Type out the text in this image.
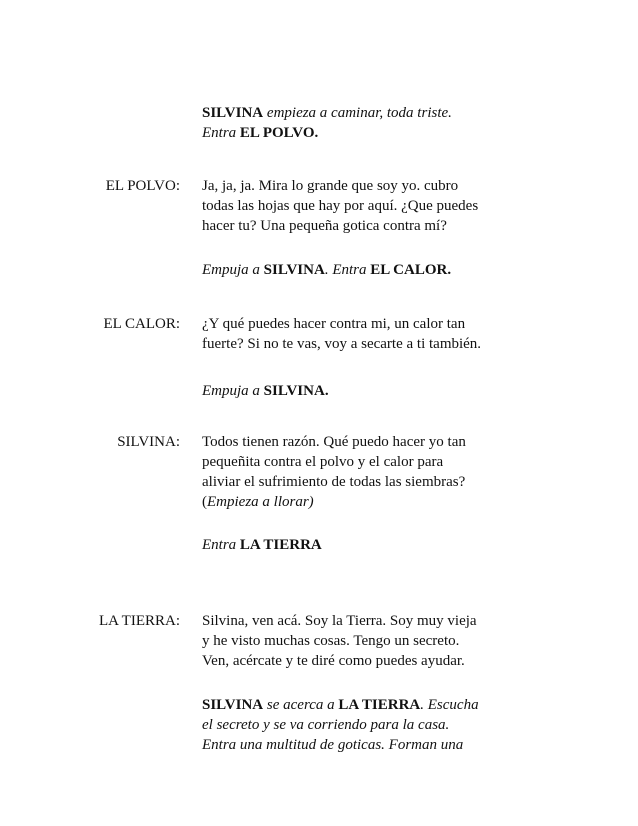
SILVINA empieza a caminar, toda triste.
Entra EL POLVO.
EL POLVO: Ja, ja, ja. Mira lo grande que soy yo. cubro
todas las hojas que hay por aquí. ¿Que puedes
hacer tu? Una pequeña gotica contra mí?
Empuja a SILVINA. Entra EL CALOR.
EL CALOR: ¿Y qué puedes hacer contra mi, un calor tan
fuerte? Si no te vas, voy a secarte a ti también.
Empuja a SILVINA.
SILVINA: Todos tienen razón. Qué puedo hacer yo tan
pequeñita contra el polvo y el calor para
aliviar el sufrimiento de todas las siembras?
(Empieza a llorar)
Entra LA TIERRA
LA TIERRA: Silvina, ven acá. Soy la Tierra. Soy muy vieja
y he visto muchas cosas. Tengo un secreto.
Ven, acércate y te diré como puedes ayudar.
SILVINA se acerca a LA TIERRA. Escucha
el secreto y se va corriendo para la casa.
Entra una multitud de goticas. Forman una
